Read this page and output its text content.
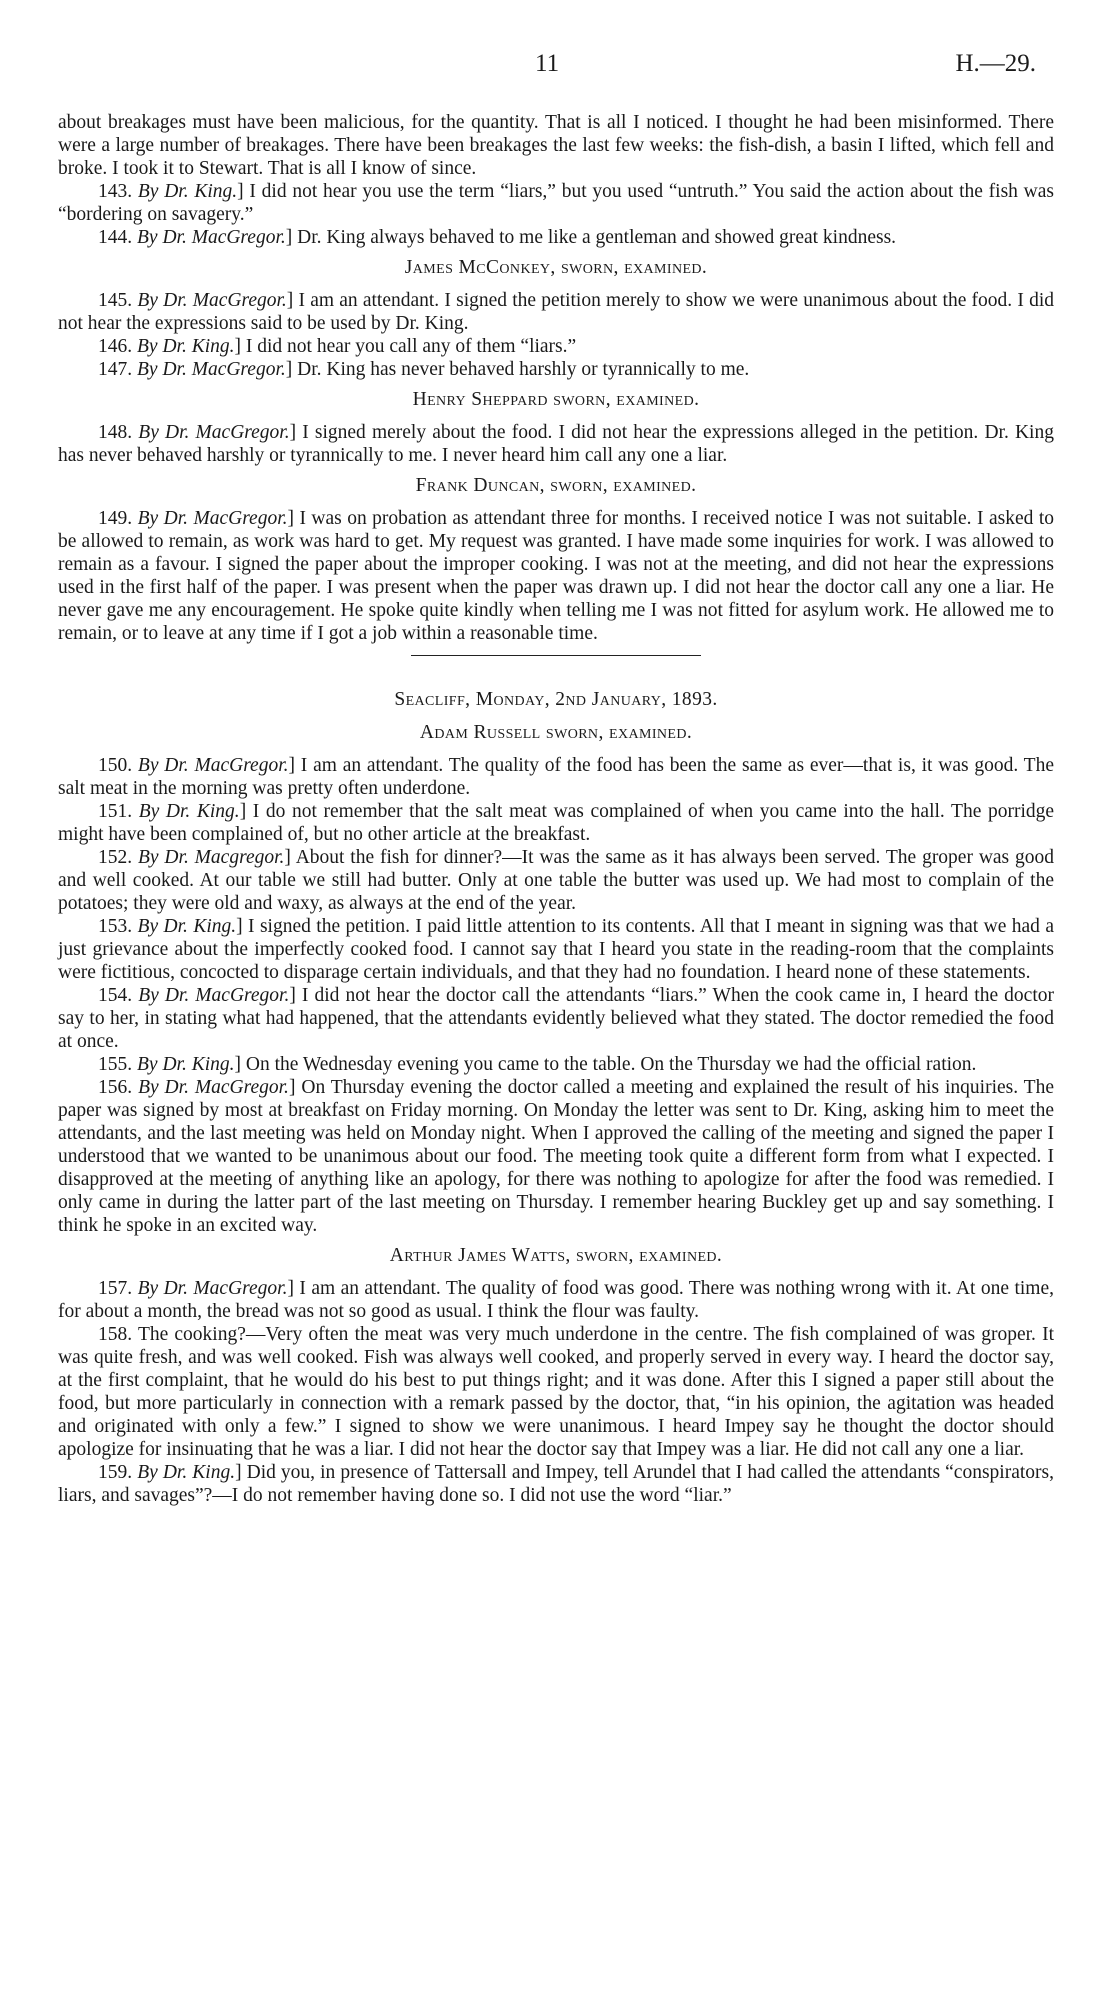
11	H.—29.

about breakages must have been malicious, for the quantity. That is all I noticed. I thought he had been misinformed. There were a large number of breakages. There have been breakages the last few weeks: the fish-dish, a basin I lifted, which fell and broke. I took it to Stewart. That is all I know of since.

143. By Dr. King.] I did not hear you use the term “liars,” but you used “untruth.” You said the action about the fish was “bordering on savagery.”

144. By Dr. MacGregor.] Dr. King always behaved to me like a gentleman and showed great kindness.

James McConkey, sworn, examined.

145. By Dr. MacGregor.] I am an attendant. I signed the petition merely to show we were unanimous about the food. I did not hear the expressions said to be used by Dr. King.

146. By Dr. King.] I did not hear you call any of them “liars.”

147. By Dr. MacGregor.] Dr. King has never behaved harshly or tyrannically to me.

Henry Sheppard sworn, examined.

148. By Dr. MacGregor.] I signed merely about the food. I did not hear the expressions alleged in the petition. Dr. King has never behaved harshly or tyrannically to me. I never heard him call any one a liar.

Frank Duncan, sworn, examined.

149. By Dr. MacGregor.] I was on probation as attendant three for months. I received notice I was not suitable. I asked to be allowed to remain, as work was hard to get. My request was granted. I have made some inquiries for work. I was allowed to remain as a favour. I signed the paper about the improper cooking. I was not at the meeting, and did not hear the expressions used in the first half of the paper. I was present when the paper was drawn up. I did not hear the doctor call any one a liar. He never gave me any encouragement. He spoke quite kindly when telling me I was not fitted for asylum work. He allowed me to remain, or to leave at any time if I got a job within a reasonable time.

Seacliff, Monday, 2nd January, 1893.

Adam Russell sworn, examined.

150. By Dr. MacGregor.] I am an attendant. The quality of the food has been the same as ever—that is, it was good. The salt meat in the morning was pretty often underdone.

151. By Dr. King.] I do not remember that the salt meat was complained of when you came into the hall. The porridge might have been complained of, but no other article at the breakfast.

152. By Dr. Macgregor.] About the fish for dinner?—It was the same as it has always been served. The groper was good and well cooked. At our table we still had butter. Only at one table the butter was used up. We had most to complain of the potatoes; they were old and waxy, as always at the end of the year.

153. By Dr. King.] I signed the petition. I paid little attention to its contents. All that I meant in signing was that we had a just grievance about the imperfectly cooked food. I cannot say that I heard you state in the reading-room that the complaints were fictitious, concocted to disparage certain individuals, and that they had no foundation. I heard none of these statements.

154. By Dr. MacGregor.] I did not hear the doctor call the attendants “liars.” When the cook came in, I heard the doctor say to her, in stating what had happened, that the attendants evidently believed what they stated. The doctor remedied the food at once.

155. By Dr. King.] On the Wednesday evening you came to the table. On the Thursday we had the official ration.

156. By Dr. MacGregor.] On Thursday evening the doctor called a meeting and explained the result of his inquiries. The paper was signed by most at breakfast on Friday morning. On Monday the letter was sent to Dr. King, asking him to meet the attendants, and the last meeting was held on Monday night. When I approved the calling of the meeting and signed the paper I understood that we wanted to be unanimous about our food. The meeting took quite a different form from what I expected. I disapproved at the meeting of anything like an apology, for there was nothing to apologize for after the food was remedied. I only came in during the latter part of the last meeting on Thursday. I remember hearing Buckley get up and say something. I think he spoke in an excited way.

Arthur James Watts, sworn, examined.

157. By Dr. MacGregor.] I am an attendant. The quality of food was good. There was nothing wrong with it. At one time, for about a month, the bread was not so good as usual. I think the flour was faulty.

158. The cooking?—Very often the meat was very much underdone in the centre. The fish complained of was groper. It was quite fresh, and was well cooked. Fish was always well cooked, and properly served in every way. I heard the doctor say, at the first complaint, that he would do his best to put things right; and it was done. After this I signed a paper still about the food, but more particularly in connection with a remark passed by the doctor, that, “in his opinion, the agitation was headed and originated with only a few.” I signed to show we were unanimous. I heard Impey say he thought the doctor should apologize for insinuating that he was a liar. I did not hear the doctor say that Impey was a liar. He did not call any one a liar.

159. By Dr. King.] Did you, in presence of Tattersall and Impey, tell Arundel that I had called the attendants “conspirators, liars, and savages”?—I do not remember having done so. I did not use the word “liar.”
